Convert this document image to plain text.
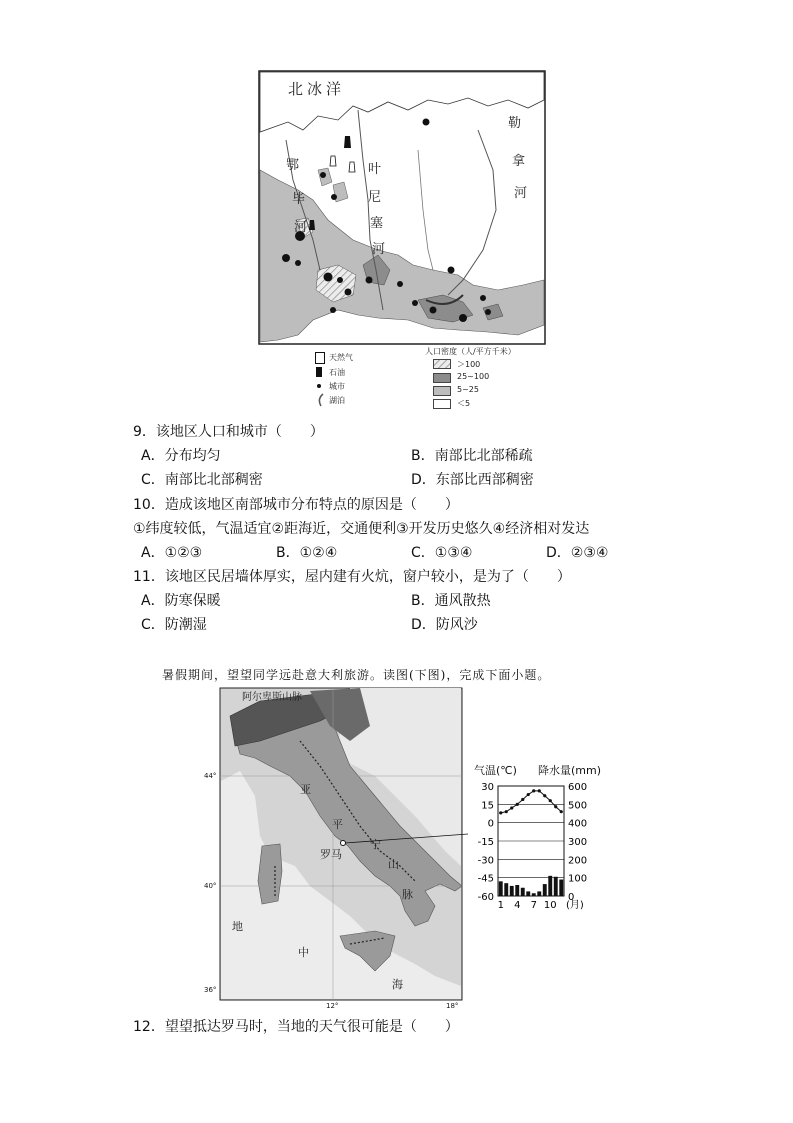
北冰洋
鄂
毕
河
叶
尼
塞
河
勒
拿
河
天然气
石油
城市
湖泊
人口密度（人/平方千米）
＞100
25~100
5~25
＜5
9．该地区人口和城市（　　）
A．分布均匀	B．南部比北部稀疏
C．南部比北部稠密	D．东部比西部稠密
10．造成该地区南部城市分布特点的原因是（　　）
①纬度较低，气温适宜②距海近，交通便利③开发历史悠久④经济相对发达
A．①②③	B．①②④	C．①③④	D．②③④
11．该地区民居墙体厚实，屋内建有火炕，窗户较小，是为了（　　）
A．防寒保暖	B．通风散热
C．防潮湿	D．防风沙
暑假期间，望望同学远赴意大利旅游。读图(下图)，完成下面小题。
阿尔卑斯山脉
亚
平
宁
山
脉
罗马
地
中
海
44°
40°
36°
12°	18°
气温(℃) 降水量(mm)
30	600
15	500
0	400
-15	300
-30	200
-45	100
-60	0
1 4 7 10 (月)
12．望望抵达罗马时，当地的天气很可能是（　　）
